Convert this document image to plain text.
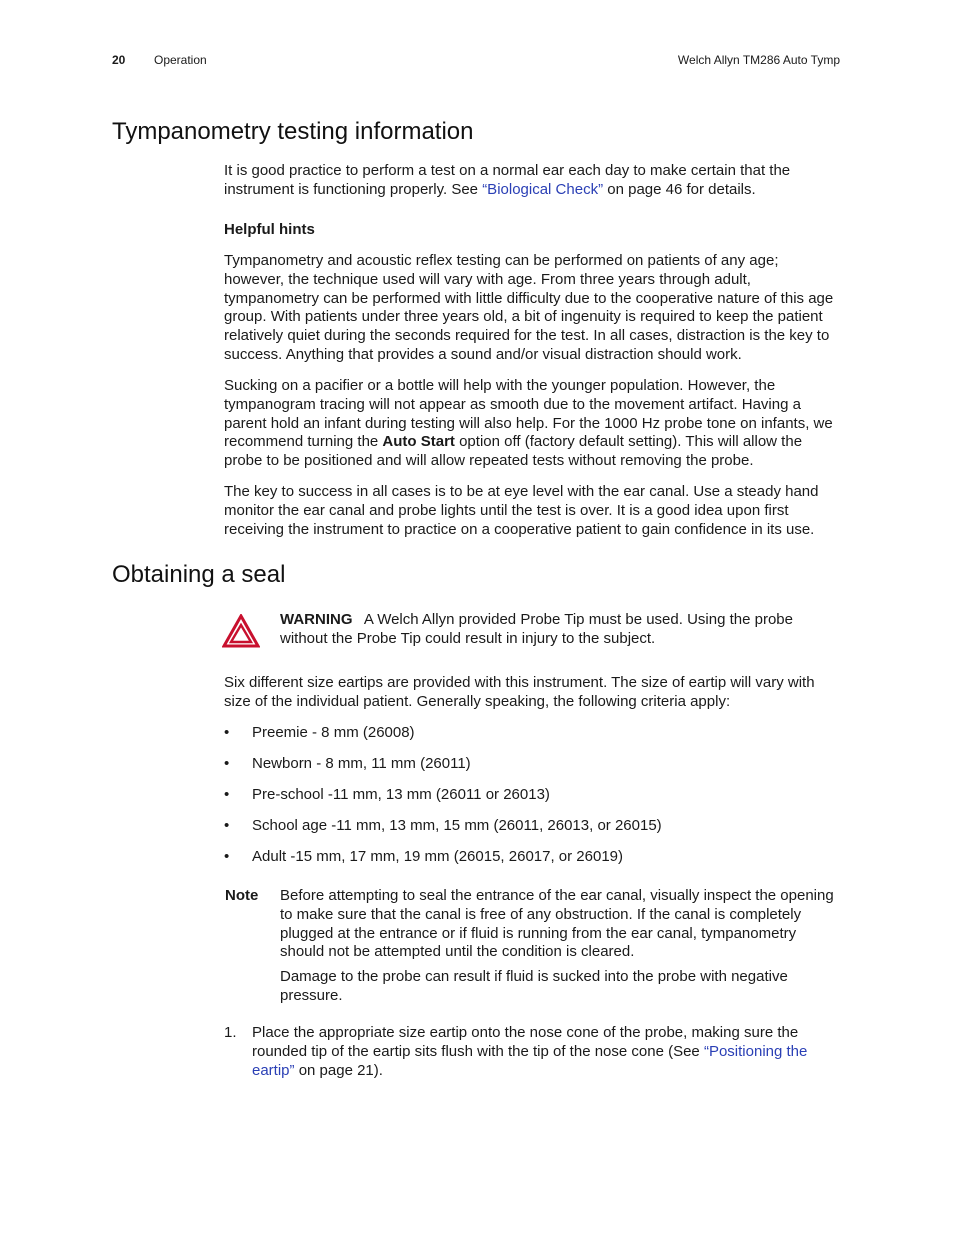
20 Operation	Welch Allyn TM286 Auto Tymp
Tympanometry testing information

It is good practice to perform a test on a normal ear each day to make certain that the instrument is functioning properly. See “Biological Check” on page 46 for details.

Helpful hints

Tympanometry and acoustic reflex testing can be performed on patients of any age; however, the technique used will vary with age. From three years through adult, tympanometry can be performed with little difficulty due to the cooperative nature of this age group. With patients under three years old, a bit of ingenuity is required to keep the patient relatively quiet during the seconds required for the test. In all cases, distraction is the key to success. Anything that provides a sound and/or visual distraction should work.

Sucking on a pacifier or a bottle will help with the younger population. However, the tympanogram tracing will not appear as smooth due to the movement artifact. Having a parent hold an infant during testing will also help. For the 1000 Hz probe tone on infants, we recommend turning the Auto Start option off (factory default setting). This will allow the probe to be positioned and will allow repeated tests without removing the probe.

The key to success in all cases is to be at eye level with the ear canal. Use a steady hand monitor the ear canal and probe lights until the test is over. It is a good idea upon first receiving the instrument to practice on a cooperative patient to gain confidence in its use.

Obtaining a seal
WARNING A Welch Allyn provided Probe Tip must be used. Using the probe without the Probe Tip could result in injury to the subject.

Six different size eartips are provided with this instrument. The size of eartip will vary with size of the individual patient. Generally speaking, the following criteria apply:

• Preemie - 8 mm (26008)
• Newborn - 8 mm, 11 mm (26011)
• Pre-school -11 mm, 13 mm (26011 or 26013)
• School age -11 mm, 13 mm, 15 mm (26011, 26013, or 26015)
• Adult -15 mm, 17 mm, 19 mm (26015, 26017, or 26019)
Note Before attempting to seal the entrance of the ear canal, visually inspect the opening to make sure that the canal is free of any obstruction. If the canal is completely plugged at the entrance or if fluid is running from the ear canal, tympanometry should not be attempted until the condition is cleared.

Damage to the probe can result if fluid is sucked into the probe with negative pressure.

1. Place the appropriate size eartip onto the nose cone of the probe, making sure the rounded tip of the eartip sits flush with the tip of the nose cone (See “Positioning the eartip” on page 21).
